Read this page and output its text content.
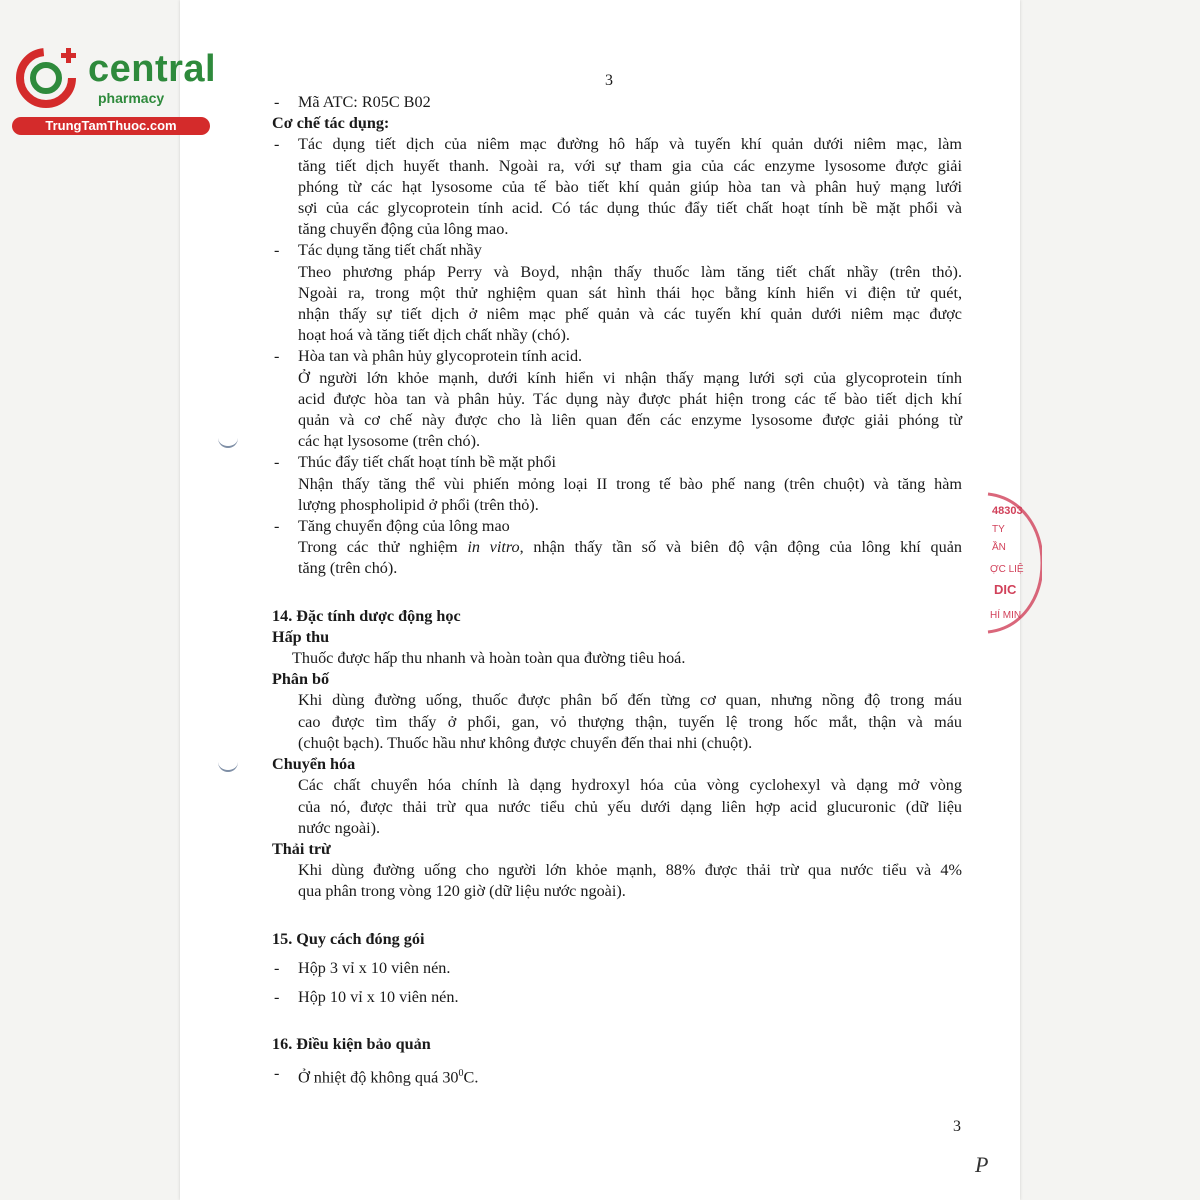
central
pharmacy
TrungTamThuoc.com
3
- Mã ATC: R05C B02
Cơ chế tác dụng:
- Tác dụng tiết dịch của niêm mạc đường hô hấp và tuyến khí quản dưới niêm mạc, làm
tăng tiết dịch huyết thanh. Ngoài ra, với sự tham gia của các enzyme lysosome được giải
phóng từ các hạt lysosome của tế bào tiết khí quản giúp hòa tan và phân huỷ mạng lưới
sợi của các glycoprotein tính acid. Có tác dụng thúc đẩy tiết chất hoạt tính bề mặt phổi và
tăng chuyển động của lông mao.
- Tác dụng tăng tiết chất nhầy
Theo phương pháp Perry và Boyd, nhận thấy thuốc làm tăng tiết chất nhầy (trên thỏ).
Ngoài ra, trong một thử nghiệm quan sát hình thái học bằng kính hiển vi điện tử quét,
nhận thấy sự tiết dịch ở niêm mạc phế quản và các tuyến khí quản dưới niêm mạc được
hoạt hoá và tăng tiết dịch chất nhầy (chó).
- Hòa tan và phân hủy glycoprotein tính acid.
Ở người lớn khỏe mạnh, dưới kính hiển vi nhận thấy mạng lưới sợi của glycoprotein tính
acid được hòa tan và phân hủy. Tác dụng này được phát hiện trong các tế bào tiết dịch khí
quản và cơ chế này được cho là liên quan đến các enzyme lysosome được giải phóng từ
các hạt lysosome (trên chó).
- Thúc đẩy tiết chất hoạt tính bề mặt phổi
Nhận thấy tăng thể vùi phiến mỏng loại II trong tế bào phế nang (trên chuột) và tăng hàm
lượng phospholipid ở phổi (trên thỏ).
- Tăng chuyển động của lông mao
Trong các thử nghiệm in vitro, nhận thấy tần số và biên độ vận động của lông khí quản
tăng (trên chó).
14. Đặc tính dược động học
Hấp thu
Thuốc được hấp thu nhanh và hoàn toàn qua đường tiêu hoá.
Phân bố
Khi dùng đường uống, thuốc được phân bố đến từng cơ quan, nhưng nồng độ trong máu
cao được tìm thấy ở phổi, gan, vỏ thượng thận, tuyến lệ trong hốc mắt, thận và máu
(chuột bạch). Thuốc hầu như không được chuyển đến thai nhi (chuột).
Chuyển hóa
Các chất chuyển hóa chính là dạng hydroxyl hóa của vòng cyclohexyl và dạng mở vòng
của nó, được thải trừ qua nước tiểu chủ yếu dưới dạng liên hợp acid glucuronic (dữ liệu
nước ngoài).
Thải trừ
Khi dùng đường uống cho người lớn khỏe mạnh, 88% được thải trừ qua nước tiểu và 4%
qua phân trong vòng 120 giờ (dữ liệu nước ngoài).
15. Quy cách đóng gói
- Hộp 3 vỉ x 10 viên nén.
- Hộp 10 vỉ x 10 viên nén.
16. Điều kiện bảo quản
- Ở nhiệt độ không quá $30^0C$.
3
P
48303
TY
ẦN
ỢC LIỆ
DIC
HÍ MIN
